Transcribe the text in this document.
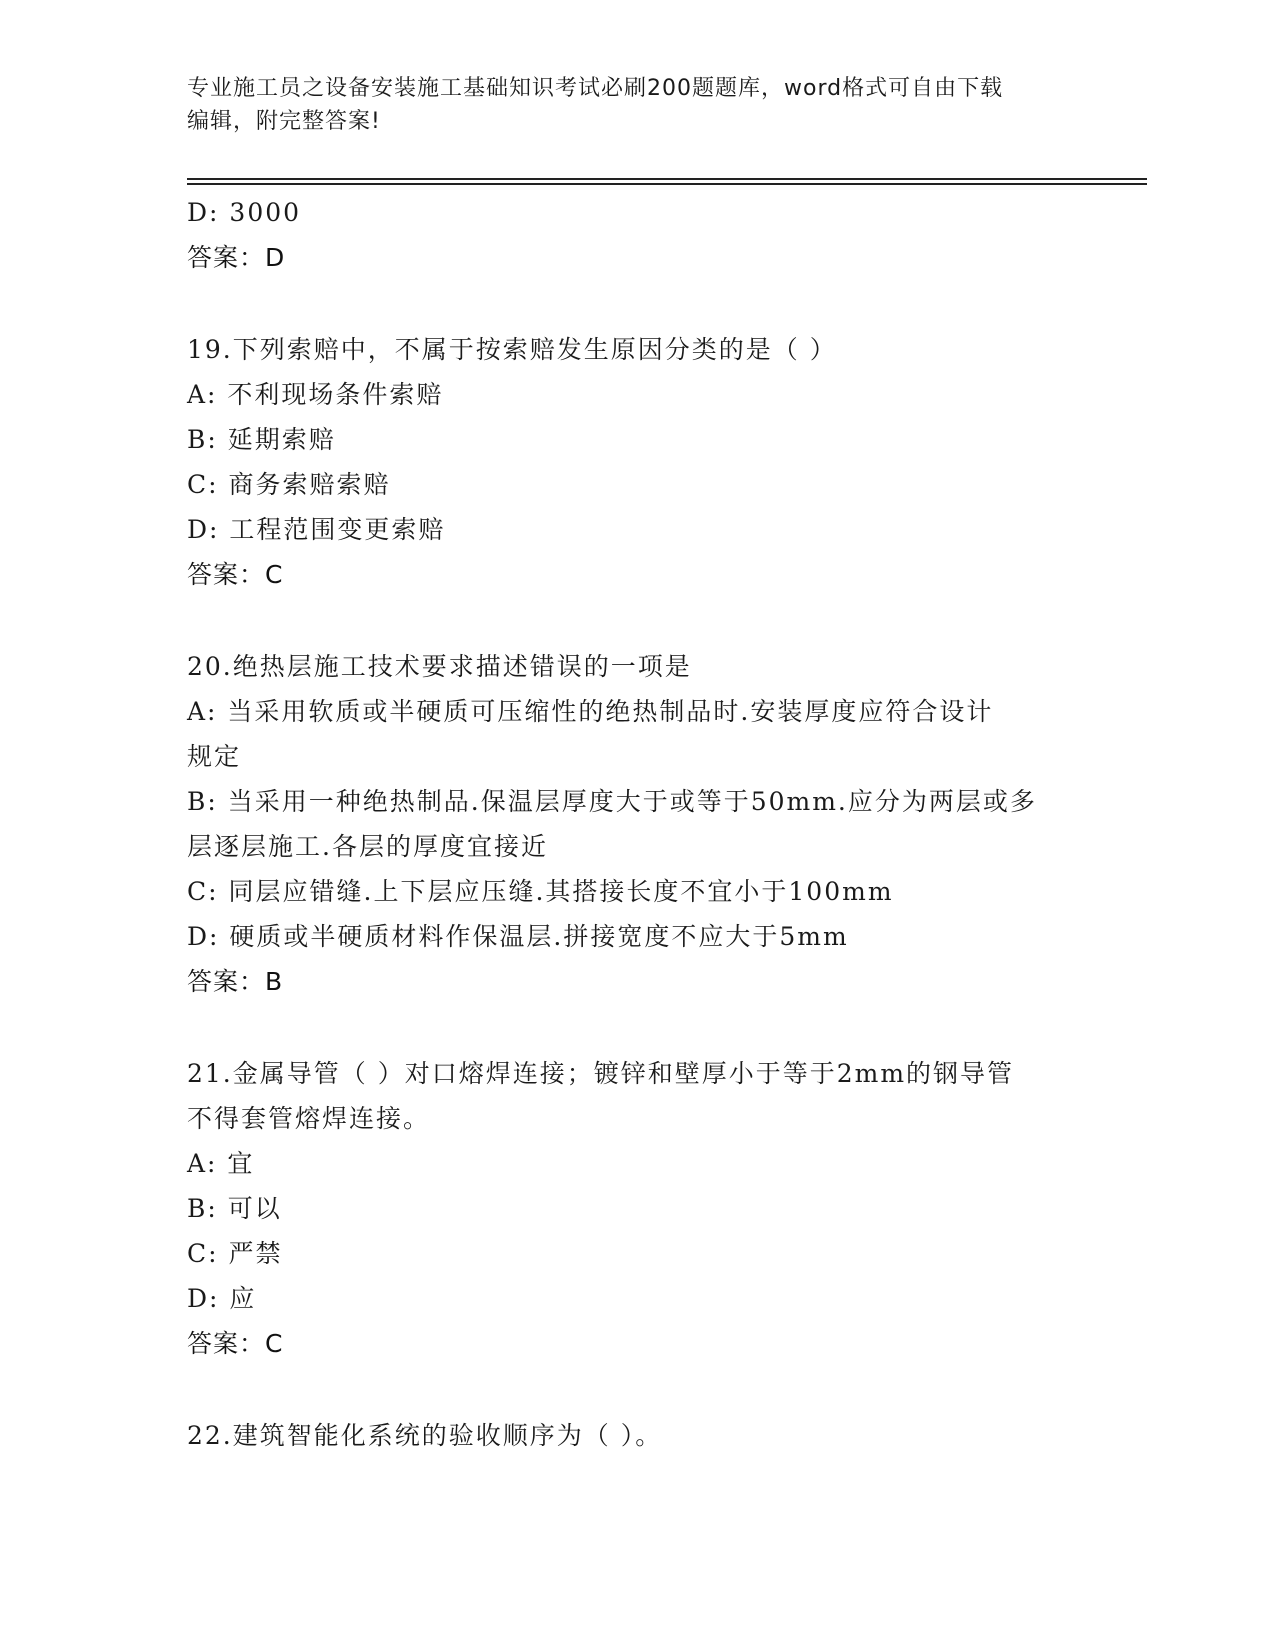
专业施工员之设备安装施工基础知识考试必刷200题题库，word格式可自由下载
编辑，附完整答案!
D: 3000
答案：D
19.下列索赔中，不属于按索赔发生原因分类的是（ ）
A: 不利现场条件索赔
B: 延期索赔
C: 商务索赔索赔
D: 工程范围变更索赔
答案：C
20.绝热层施工技术要求描述错误的一项是
A: 当采用软质或半硬质可压缩性的绝热制品时.安装厚度应符合设计
规定
B: 当采用一种绝热制品.保温层厚度大于或等于50mm.应分为两层或多
层逐层施工.各层的厚度宜接近
C: 同层应错缝.上下层应压缝.其搭接长度不宜小于100mm
D: 硬质或半硬质材料作保温层.拼接宽度不应大于5mm
答案：B
21.金属导管（ ）对口熔焊连接；镀锌和壁厚小于等于2mm的钢导管
不得套管熔焊连接。
A: 宜
B: 可以
C: 严禁
D: 应
答案：C
22.建筑智能化系统的验收顺序为（ ）。
